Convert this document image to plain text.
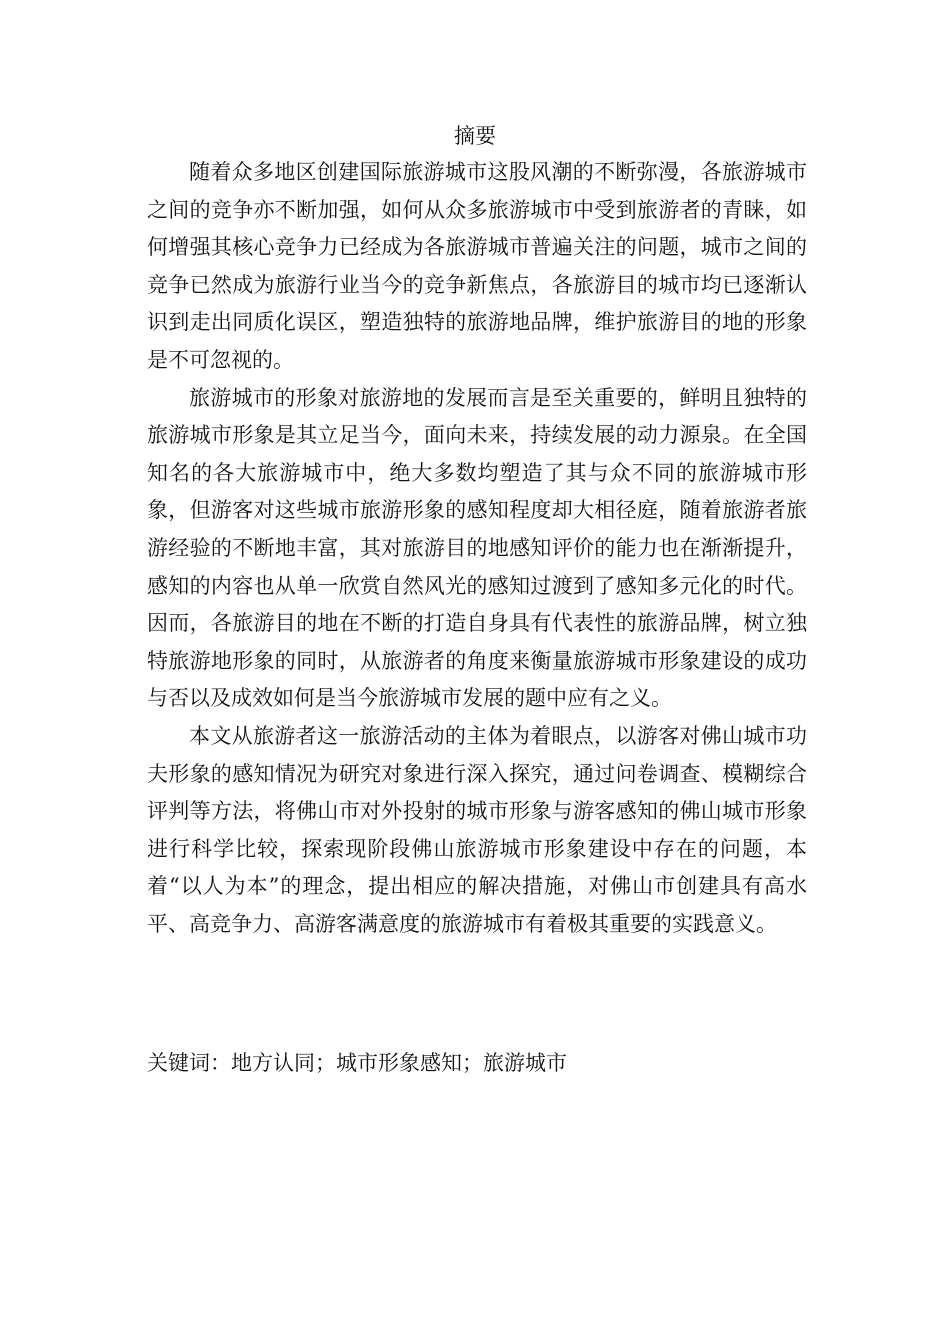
摘要

随着众多地区创建国际旅游城市这股风潮的不断弥漫，各旅游城市之间的竞争亦不断加强，如何从众多旅游城市中受到旅游者的青睐，如何增强其核心竞争力已经成为各旅游城市普遍关注的问题，城市之间的竞争已然成为旅游行业当今的竞争新焦点，各旅游目的城市均已逐渐认识到走出同质化误区，塑造独特的旅游地品牌，维护旅游目的地的形象是不可忽视的。

旅游城市的形象对旅游地的发展而言是至关重要的，鲜明且独特的旅游城市形象是其立足当今，面向未来，持续发展的动力源泉。在全国知名的各大旅游城市中，绝大多数均塑造了其与众不同的旅游城市形象，但游客对这些城市旅游形象的感知程度却大相径庭，随着旅游者旅游经验的不断地丰富，其对旅游目的地感知评价的能力也在渐渐提升，感知的内容也从单一欣赏自然风光的感知过渡到了感知多元化的时代。因而，各旅游目的地在不断的打造自身具有代表性的旅游品牌，树立独特旅游地形象的同时，从旅游者的角度来衡量旅游城市形象建设的成功与否以及成效如何是当今旅游城市发展的题中应有之义。

本文从旅游者这一旅游活动的主体为着眼点，以游客对佛山城市功夫形象的感知情况为研究对象进行深入探究，通过问卷调查、模糊综合评判等方法，将佛山市对外投射的城市形象与游客感知的佛山城市形象进行科学比较，探索现阶段佛山旅游城市形象建设中存在的问题，本着“以人为本”的理念，提出相应的解决措施，对佛山市创建具有高水平、高竞争力、高游客满意度的旅游城市有着极其重要的实践意义。

关键词：地方认同；城市形象感知；旅游城市
